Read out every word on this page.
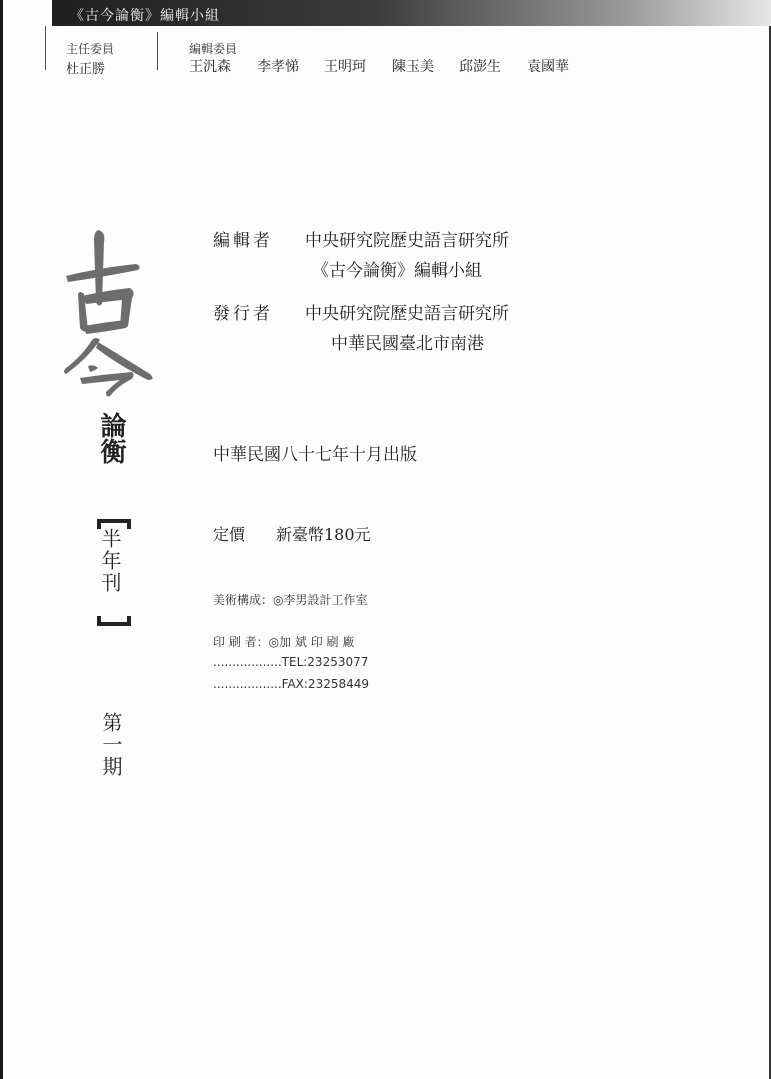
《古今論衡》編輯小組
主任委員
杜正勝
編輯委員
王汎森 李孝悌 王明珂 陳玉美 邱澎生 袁國華
論衡
半年刊
第一期
編輯者 中央研究院歷史語言研究所
《古今論衡》編輯小組
發行者 中央研究院歷史語言研究所
中華民國臺北市南港
中華民國八十七年十月出版
定價 新臺幣180元
美術構成：◎李男設計工作室
印 刷 者：◎加 斌 印 刷 廠
..................TEL:23253077
..................FAX:23258449
